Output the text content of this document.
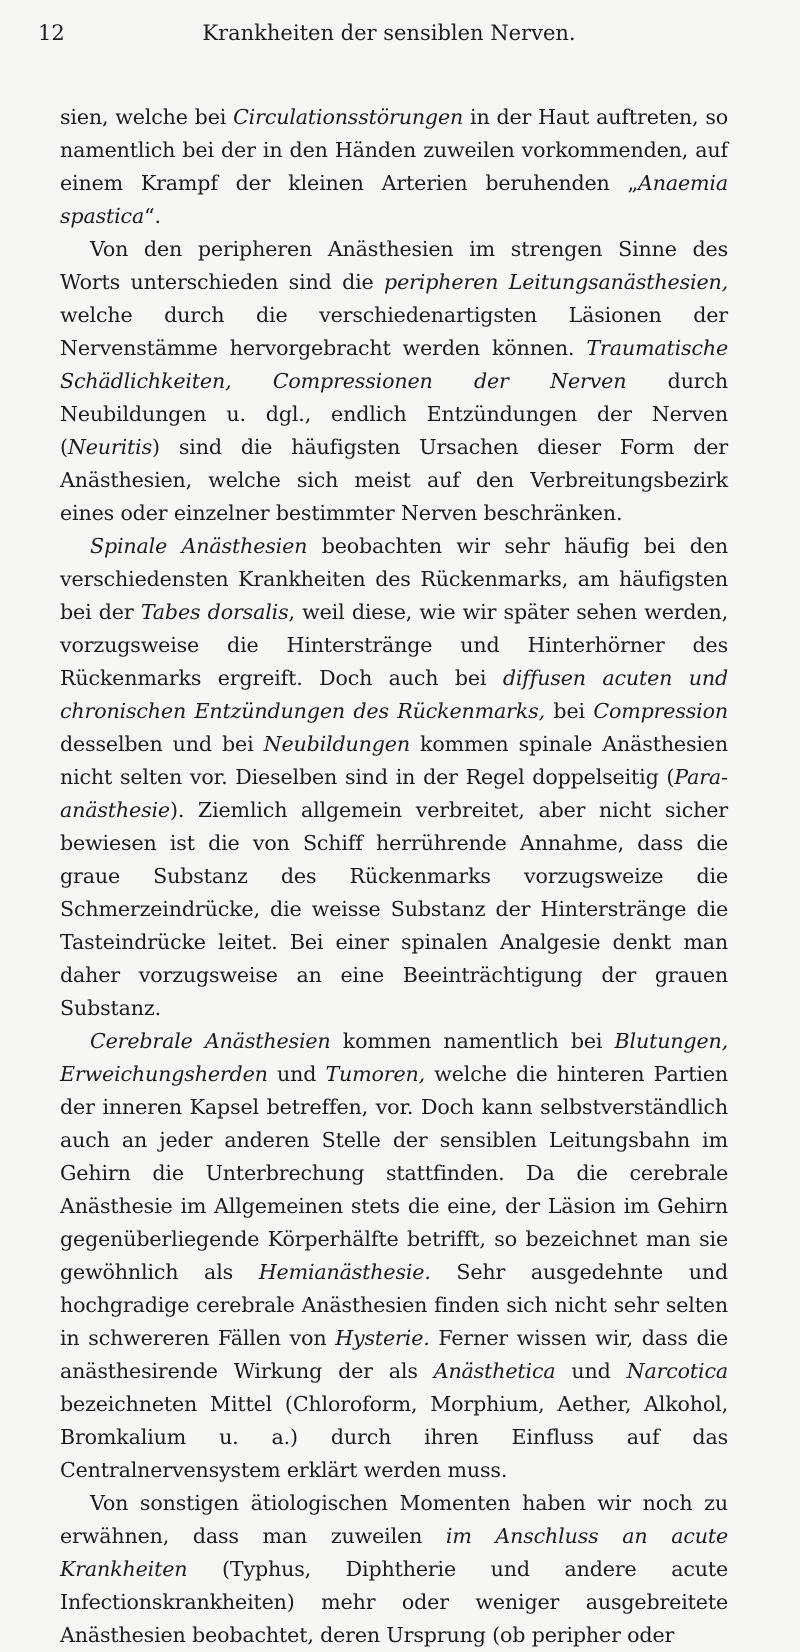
12	Krankheiten der sensiblen Nerven.

sien, welche bei Circulationsstörungen in der Haut auftreten, so namentlich bei der in den Händen zuweilen vorkommenden, auf einem Krampf der kleinen Arterien beruhenden „Anaemia spastica“.

Von den peripheren Anästhesien im strengen Sinne des Worts unterschieden sind die peripheren Leitungsanästhesien, welche durch die verschiedenartigsten Läsionen der Nervenstämme hervorgebracht werden können. Traumatische Schädlichkeiten, Compressionen der Nerven durch Neubildungen u. dgl., endlich Entzündungen der Nerven (Neuritis) sind die häufigsten Ursachen dieser Form der Anästhesien, welche sich meist auf den Verbreitungsbezirk eines oder einzelner bestimmter Nerven beschränken.

Spinale Anästhesien beobachten wir sehr häufig bei den verschiedensten Krankheiten des Rückenmarks, am häufigsten bei der Tabes dorsalis, weil diese, wie wir später sehen werden, vorzugsweise die Hinterstränge und Hinterhörner des Rückenmarks ergreift. Doch auch bei diffusen acuten und chronischen Entzündungen des Rückenmarks, bei Compression desselben und bei Neubildungen kommen spinale Anästhesien nicht selten vor. Dieselben sind in der Regel doppelseitig (Paraanästhesie). Ziemlich allgemein verbreitet, aber nicht sicher bewiesen ist die von Schiff herrührende Annahme, dass die graue Substanz des Rückenmarks vorzugsweize die Schmerzeindrücke, die weisse Substanz der Hinterstränge die Tasteindrücke leitet. Bei einer spinalen Analgesie denkt man daher vorzugsweise an eine Beeinträchtigung der grauen Substanz.

Cerebrale Anästhesien kommen namentlich bei Blutungen, Erweichungsherden und Tumoren, welche die hinteren Partien der inneren Kapsel betreffen, vor. Doch kann selbstverständlich auch an jeder anderen Stelle der sensiblen Leitungsbahn im Gehirn die Unterbrechung stattfinden. Da die cerebrale Anästhesie im Allgemeinen stets die eine, der Läsion im Gehirn gegenüberliegende Körperhälfte betrifft, so bezeichnet man sie gewöhnlich als Hemianästhesie. Sehr ausgedehnte und hochgradige cerebrale Anästhesien finden sich nicht sehr selten in schwereren Fällen von Hysterie. Ferner wissen wir, dass die anästhesirende Wirkung der als Anästhetica und Narcotica bezeichneten Mittel (Chloroform, Morphium, Aether, Alkohol, Bromkalium u. a.) durch ihren Einfluss auf das Centralnervensystem erklärt werden muss.

Von sonstigen ätiologischen Momenten haben wir noch zu erwähnen, dass man zuweilen im Anschluss an acute Krankheiten (Typhus, Diphtherie und andere acute Infectionskrankheiten) mehr oder weniger ausgebreitete Anästhesien beobachtet, deren Ursprung (ob peripher oder
